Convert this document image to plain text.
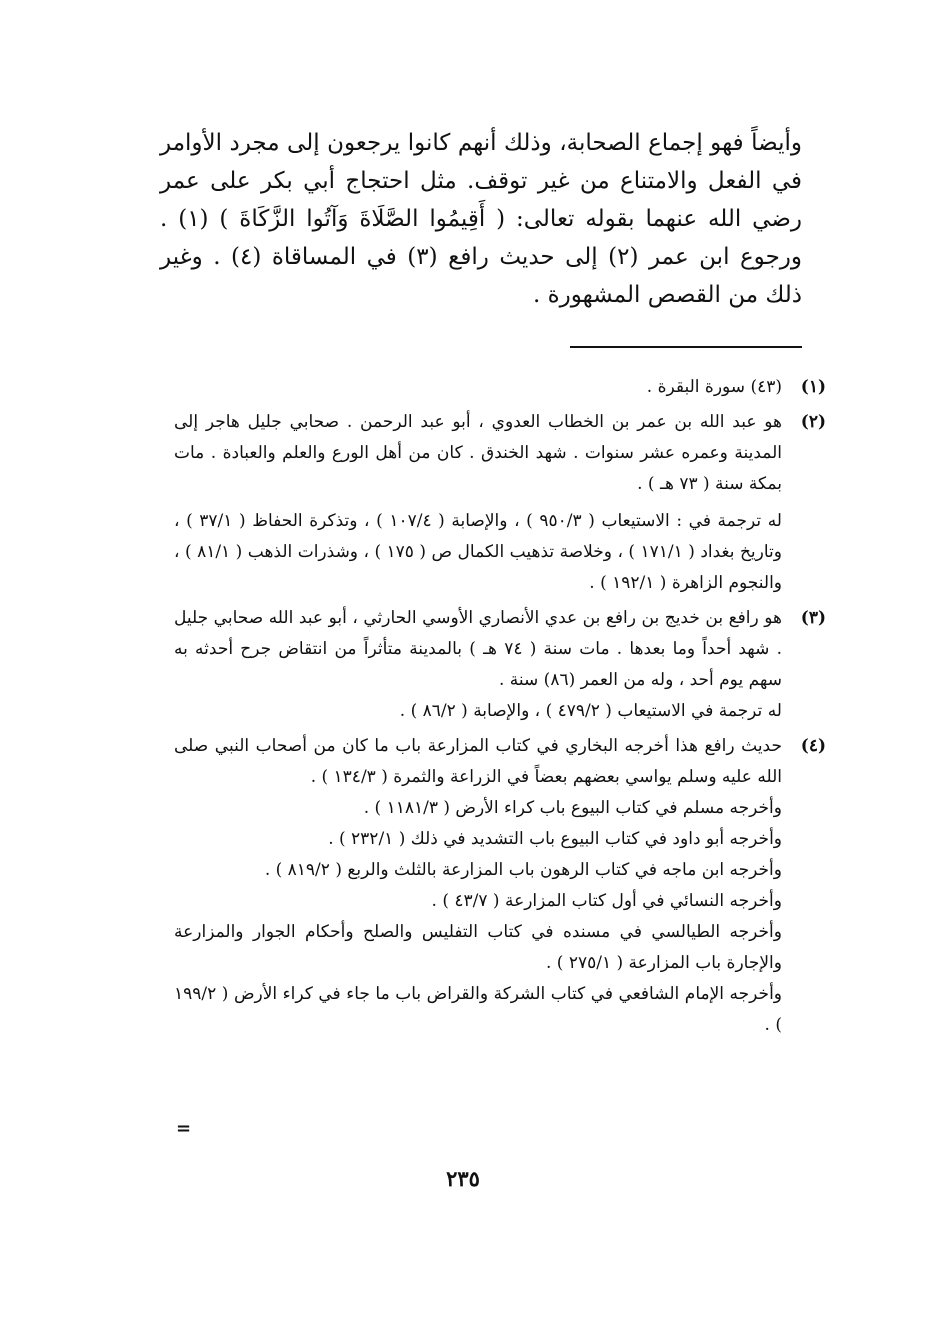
وأيضاً فهو إجماع الصحابة، وذلك أنهم كانوا يرجعون إلى مجرد الأوامر في الفعل والامتناع من غير توقف. مثل احتجاج أبي بكر على عمر رضي الله عنهما بقوله تعالى: ( أَقِيمُوا الصَّلَاةَ وَآتُوا الزَّكَاةَ ) (١) . ورجوع ابن عمر (٢) إلى حديث رافع (٣) في المساقاة (٤) . وغير ذلك من القصص المشهورة .

(١)

(٤٣) سورة البقرة .

(٢)

هو عبد الله بن عمر بن الخطاب العدوي ، أبو عبد الرحمن . صحابي جليل هاجر إلى المدينة وعمره عشر سنوات . شهد الخندق . كان من أهل الورع والعلم والعبادة . مات بمكة سنة ( ٧٣ هـ ) .

له ترجمة في : الاستيعاب ( ٩٥٠/٣ ) ، والإصابة ( ١٠٧/٤ ) ، وتذكرة الحفاظ ( ٣٧/١ ) ، وتاريخ بغداد ( ١٧١/١ ) ، وخلاصة تذهيب الكمال ص ( ١٧٥ ) ، وشذرات الذهب ( ٨١/١ ) ، والنجوم الزاهرة ( ١٩٢/١ ) .

(٣)

هو رافع بن خديج بن رافع بن عدي الأنصاري الأوسي الحارثي ، أبو عبد الله صحابي جليل . شهد أحداً وما بعدها . مات سنة ( ٧٤ هـ ) بالمدينة متأثراً من انتقاض جرح أحدثه به سهم يوم أحد ، وله من العمر (٨٦) سنة .

له ترجمة في الاستيعاب ( ٤٧٩/٢ ) ، والإصابة ( ٨٦/٢ ) .

(٤)

حديث رافع هذا أخرجه البخاري في كتاب المزارعة باب ما كان من أصحاب النبي صلى الله عليه وسلم يواسي بعضهم بعضاً في الزراعة والثمرة ( ١٣٤/٣ ) .

وأخرجه مسلم في كتاب البيوع باب كراء الأرض ( ١١٨١/٣ ) .

وأخرجه أبو داود في كتاب البيوع باب التشديد في ذلك ( ٢٣٢/١ ) .

وأخرجه ابن ماجه في كتاب الرهون باب المزارعة بالثلث والربع ( ٨١٩/٢ ) .

وأخرجه النسائي في أول كتاب المزارعة ( ٤٣/٧ ) .

وأخرجه الطيالسي في مسنده في كتاب التفليس والصلح وأحكام الجوار والمزارعة والإجارة باب المزارعة ( ٢٧٥/١ ) .

وأخرجه الإمام الشافعي في كتاب الشركة والقراض باب ما جاء في كراء الأرض ( ١٩٩/٢ ) .

=
٢٣٥
